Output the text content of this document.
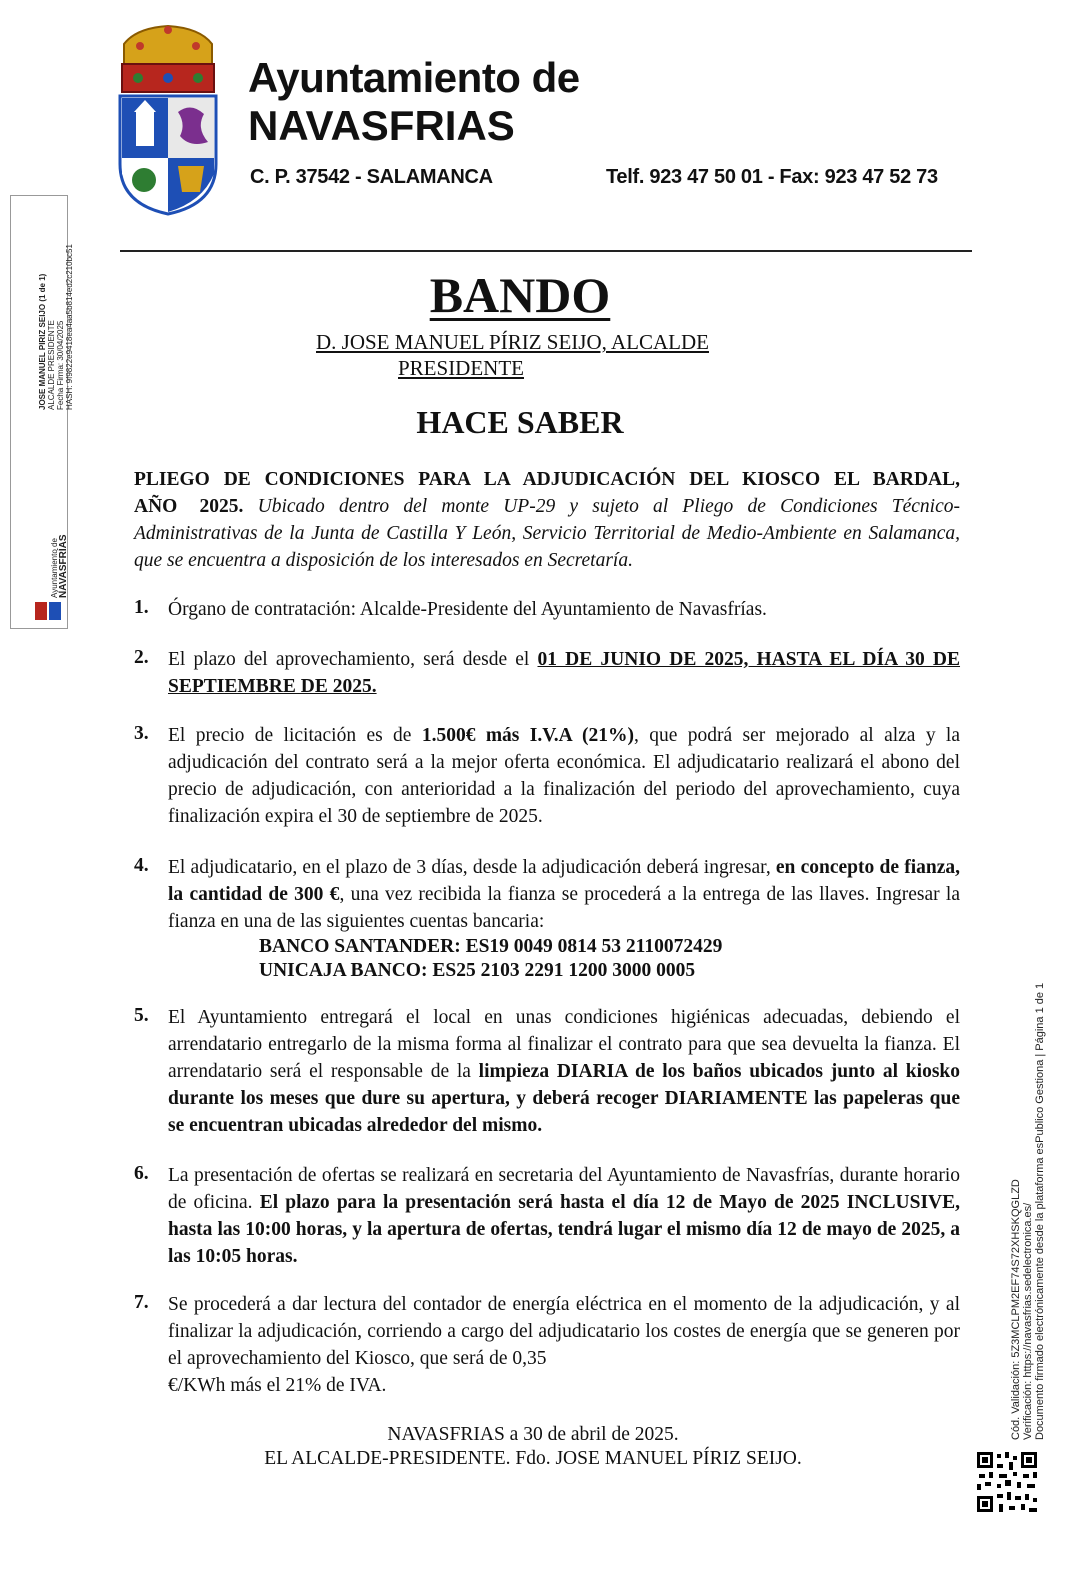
Ayuntamiento de
NAVASFRIAS
C. P. 37542 - SALAMANCA	Telf. 923 47 50 01 - Fax: 923 47 52 73
JOSE MANUEL PIRIZ SEIJO (1 de 1) ALCALDE PRESIDENTE Fecha Firma: 30/04/2025 HASH: 9f9822e9418ea4aa5b814ed2c210bc51
Ayuntamiento de NAVASFRÍAS
Cód. Validación: 5Z3MCLPM2EF74S72XHSKQGLZD Verificación: https://navasfrias.sedelectronica.es/ Documento firmado electrónicamente desde la plataforma esPublico Gestiona | Página 1 de 1
BANDO
D. JOSE MANUEL PÍRIZ SEIJO, ALCALDE
PRESIDENTE
HACE SABER
PLIEGO DE CONDICIONES PARA LA ADJUDICACIÓN DEL KIOSCO EL BARDAL, AÑO 2025. Ubicado dentro del monte UP-29 y sujeto al Pliego de Condiciones Técnico- Administrativas de la Junta de Castilla Y León, Servicio Territorial de Medio-Ambiente en Salamanca, que se encuentra a disposición de los interesados en Secretaría.
1. Órgano de contratación: Alcalde-Presidente del Ayuntamiento de Navasfrías.
2. El plazo del aprovechamiento, será desde el 01 DE JUNIO DE 2025, HASTA EL DÍA 30 DE SEPTIEMBRE DE 2025.
3. El precio de licitación es de 1.500€ más I.V.A (21%), que podrá ser mejorado al alza y la adjudicación del contrato será a la mejor oferta económica. El adjudicatario realizará el abono del precio de adjudicación, con anterioridad a la finalización del periodo del aprovechamiento, cuya finalización expira el 30 de septiembre de 2025.
4. El adjudicatario, en el plazo de 3 días, desde la adjudicación deberá ingresar, en concepto de fianza, la cantidad de 300 €, una vez recibida la fianza se procederá a la entrega de las llaves. Ingresar la fianza en una de las siguientes cuentas bancaria:
BANCO SANTANDER: ES19 0049 0814 53 2110072429
UNICAJA BANCO: ES25 2103 2291 1200 3000 0005
5. El Ayuntamiento entregará el local en unas condiciones higiénicas adecuadas, debiendo el arrendatario entregarlo de la misma forma al finalizar el contrato para que sea devuelta la fianza. El arrendatario será el responsable de la limpieza DIARIA de los baños ubicados junto al kiosko durante los meses que dure su apertura, y deberá recoger DIARIAMENTE las papeleras que se encuentran ubicadas alrededor del mismo.
6. La presentación de ofertas se realizará en secretaria del Ayuntamiento de Navasfrías, durante horario de oficina. El plazo para la presentación será hasta el día 12 de Mayo de 2025 INCLUSIVE, hasta las 10:00 horas, y la apertura de ofertas, tendrá lugar el mismo día 12 de mayo de 2025, a las 10:05 horas.
7. Se procederá a dar lectura del contador de energía eléctrica en el momento de la adjudicación, y al finalizar la adjudicación, corriendo a cargo del adjudicatario los costes de energía que se generen por el aprovechamiento del Kiosco, que será de 0,35
€/KWh más el 21% de IVA.
NAVASFRIAS a 30 de abril de 2025.
EL ALCALDE-PRESIDENTE. Fdo. JOSE MANUEL PÍRIZ SEIJO.
